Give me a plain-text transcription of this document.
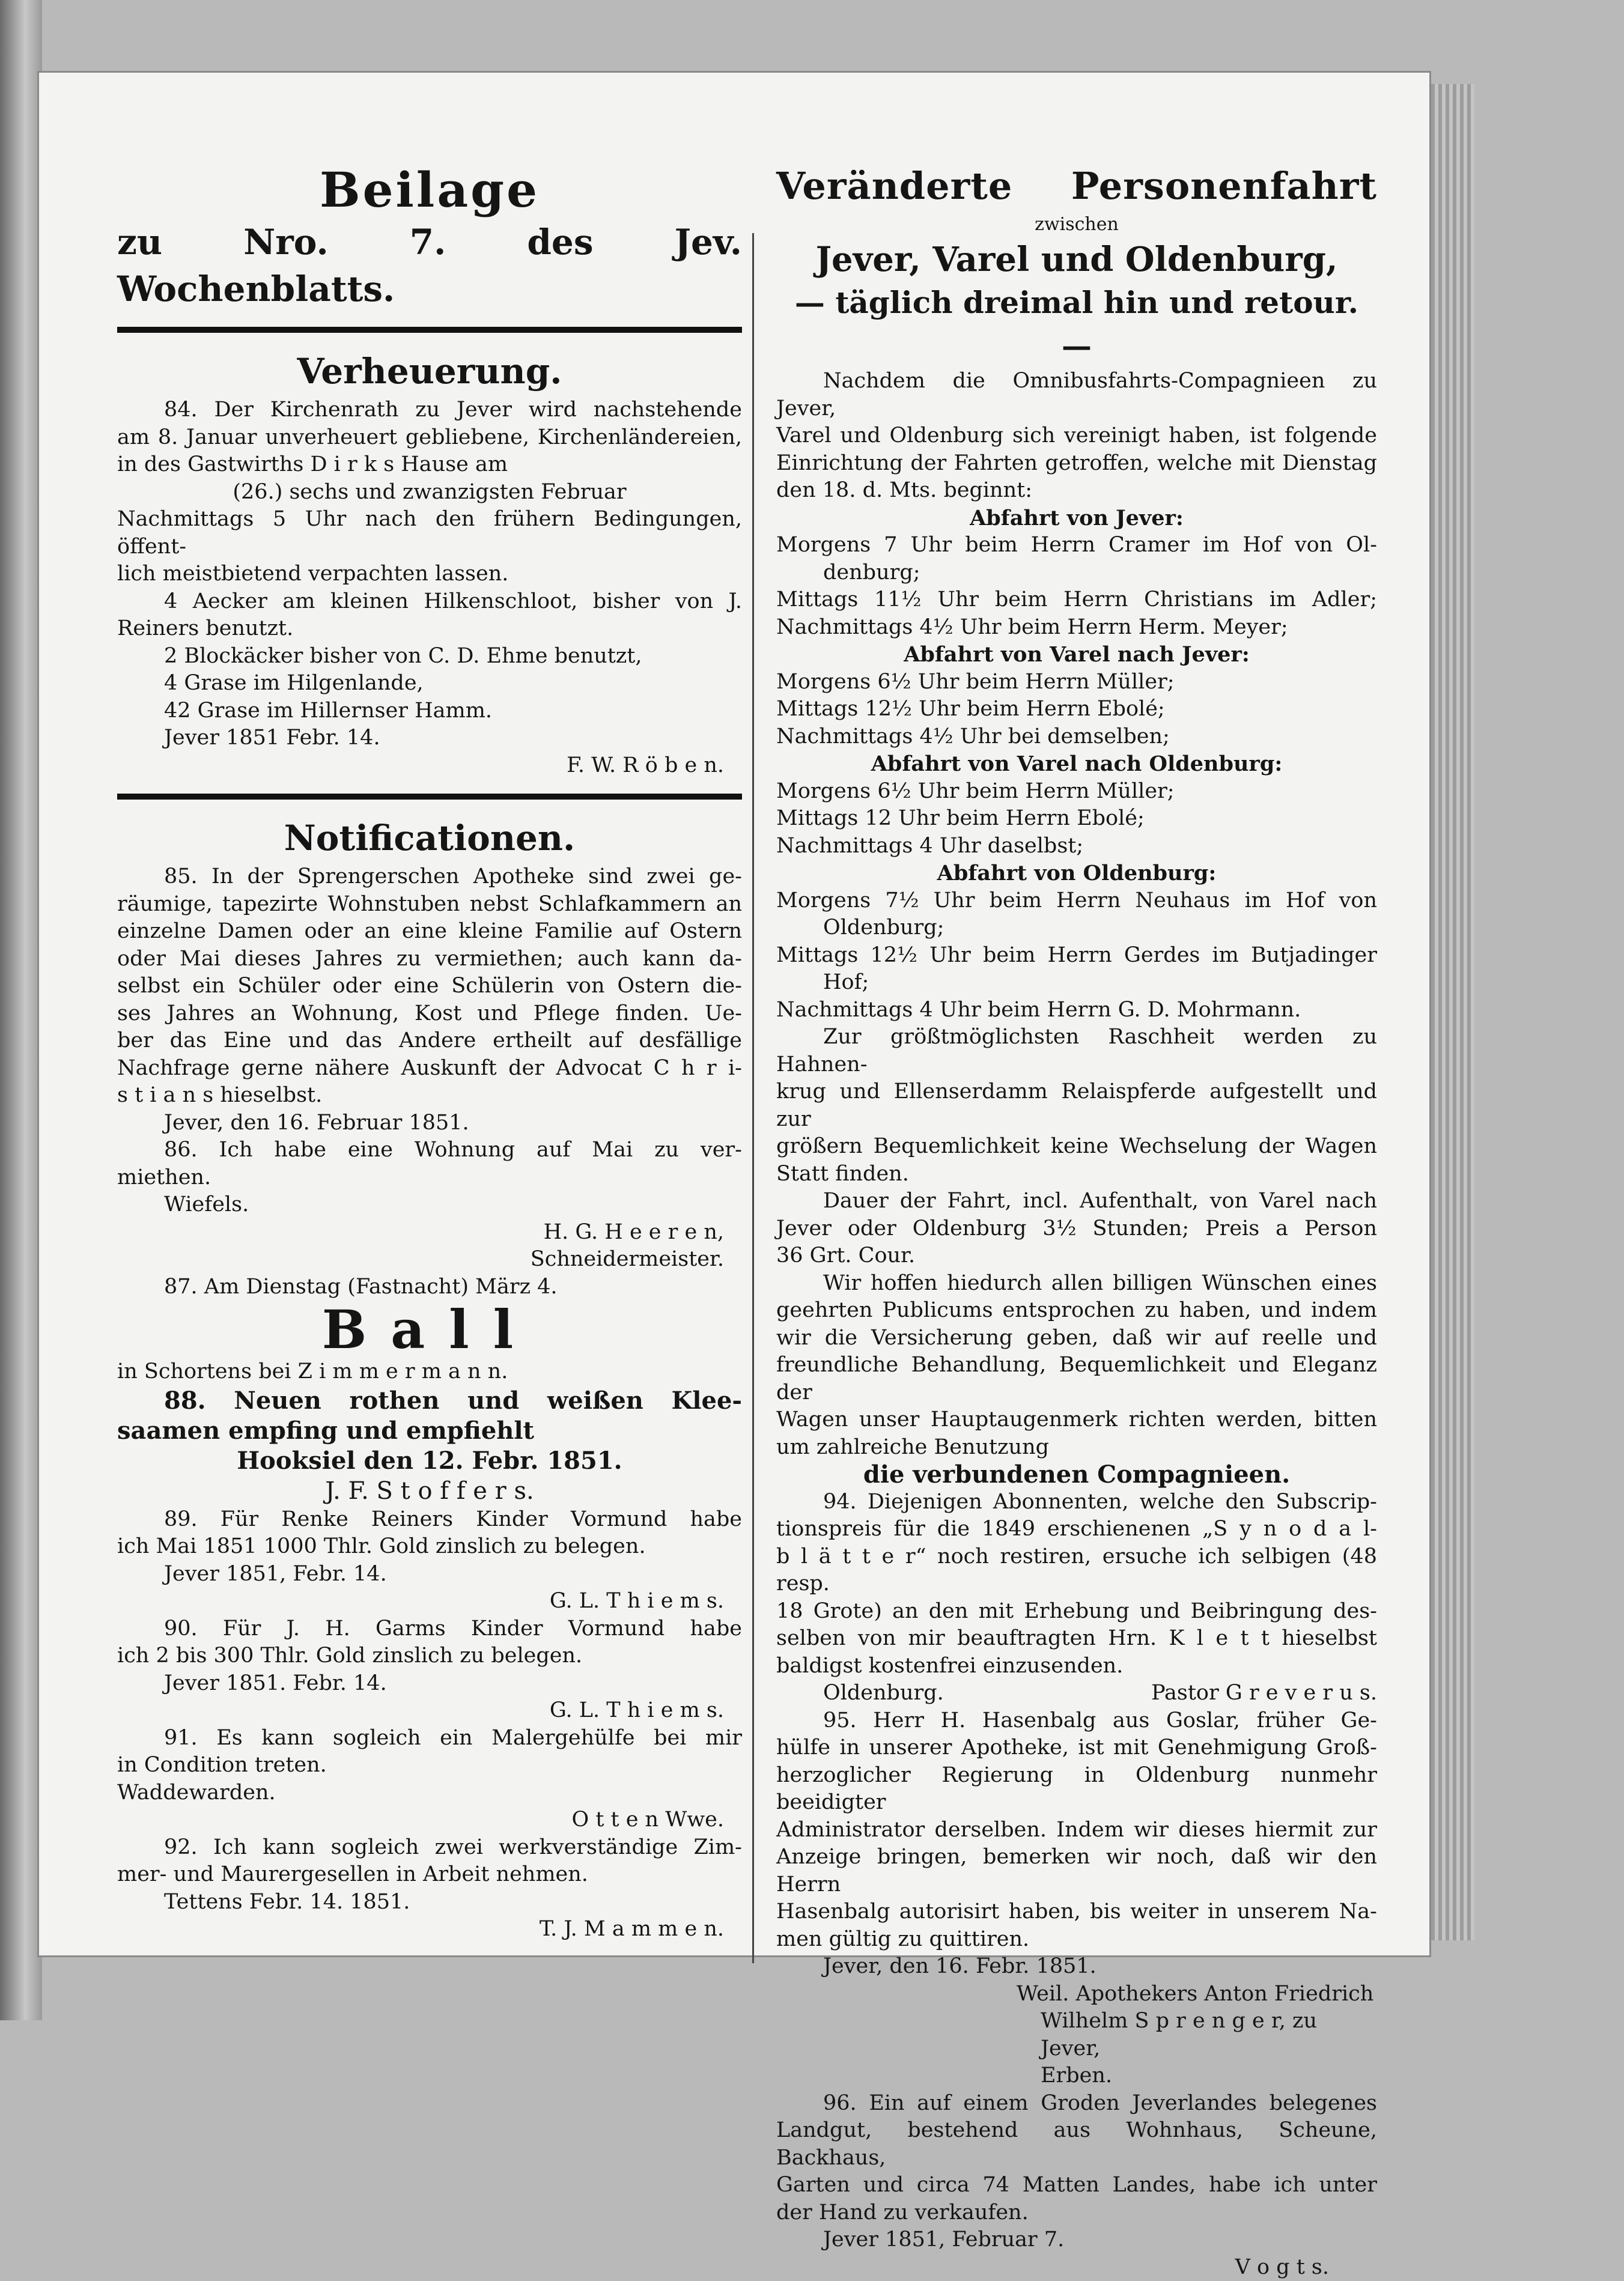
Beilage

zu Nro. 7. des Jev. Wochenblatts.

Verheuerung.

84. Der Kirchenrath zu Jever wird nachstehende

am 8. Januar unverheuert gebliebene, Kirchenländereien,

in des Gastwirths D i r k s Hause am

(26.) sechs und zwanzigsten Februar

Nachmittags 5 Uhr nach den frühern Bedingungen, öffent-

lich meistbietend verpachten lassen.

4 Aecker am kleinen Hilkenschloot, bisher von J.

Reiners benutzt.

2 Blockäcker bisher von C. D. Ehme benutzt,

4 Grase im Hilgenlande,

42 Grase im Hillernser Hamm.

Jever 1851 Febr. 14.

F. W. R ö b e n.

Notificationen.

85. In der Sprengerschen Apotheke sind zwei ge-

räumige, tapezirte Wohnstuben nebst Schlafkammern an

einzelne Damen oder an eine kleine Familie auf Ostern

oder Mai dieses Jahres zu vermiethen; auch kann da-

selbst ein Schüler oder eine Schülerin von Ostern die-

ses Jahres an Wohnung, Kost und Pflege finden. Ue-

ber das Eine und das Andere ertheilt auf desfällige

Nachfrage gerne nähere Auskunft der Advocat C h r i-

s t i a n s hieselbst.

Jever, den 16. Februar 1851.

86. Ich habe eine Wohnung auf Mai zu ver-

miethen.

Wiefels.

H. G. H e e r e n,

Schneidermeister.

87. Am Dienstag (Fastnacht) März 4.

Ball

in Schortens bei Z i m m e r m a n n.

88. Neuen rothen und weißen Klee-

saamen empfing und empfiehlt

Hooksiel den 12. Febr. 1851.

J. F. S t o f f e r s.

89. Für Renke Reiners Kinder Vormund habe

ich Mai 1851 1000 Thlr. Gold zinslich zu belegen.

Jever 1851, Febr. 14.

G. L. T h i e m s.

90. Für J. H. Garms Kinder Vormund habe

ich 2 bis 300 Thlr. Gold zinslich zu belegen.

Jever 1851. Febr. 14.

G. L. T h i e m s.

91. Es kann sogleich ein Malergehülfe bei mir

in Condition treten.

Waddewarden.

O t t e n Wwe.

92. Ich kann sogleich zwei werkverständige Zim-

mer- und Maurergesellen in Arbeit nehmen.

Tettens Febr. 14. 1851.

T. J. M a m m e n.

Veränderte Personenfahrt

zwischen

Jever, Varel und Oldenburg,

— täglich dreimal hin und retour. —

Nachdem die Omnibusfahrts-Compagnieen zu Jever,

Varel und Oldenburg sich vereinigt haben, ist folgende

Einrichtung der Fahrten getroffen, welche mit Dienstag

den 18. d. Mts. beginnt:

Abfahrt von Jever:

Morgens 7 Uhr beim Herrn Cramer im Hof von Ol-

denburg;

Mittags 11½ Uhr beim Herrn Christians im Adler;

Nachmittags 4½ Uhr beim Herrn Herm. Meyer;

Abfahrt von Varel nach Jever:

Morgens 6½ Uhr beim Herrn Müller;

Mittags 12½ Uhr beim Herrn Ebolé;

Nachmittags 4½ Uhr bei demselben;

Abfahrt von Varel nach Oldenburg:

Morgens 6½ Uhr beim Herrn Müller;

Mittags 12 Uhr beim Herrn Ebolé;

Nachmittags 4 Uhr daselbst;

Abfahrt von Oldenburg:

Morgens 7½ Uhr beim Herrn Neuhaus im Hof von

Oldenburg;

Mittags 12½ Uhr beim Herrn Gerdes im Butjadinger

Hof;

Nachmittags 4 Uhr beim Herrn G. D. Mohrmann.

Zur größtmöglichsten Raschheit werden zu Hahnen-

krug und Ellenserdamm Relaispferde aufgestellt und zur

größern Bequemlichkeit keine Wechselung der Wagen

Statt finden.

Dauer der Fahrt, incl. Aufenthalt, von Varel nach

Jever oder Oldenburg 3½ Stunden; Preis a Person

36 Grt. Cour.

Wir hoffen hiedurch allen billigen Wünschen eines

geehrten Publicums entsprochen zu haben, und indem

wir die Versicherung geben, daß wir auf reelle und

freundliche Behandlung, Bequemlichkeit und Eleganz der

Wagen unser Hauptaugenmerk richten werden, bitten

um zahlreiche Benutzung

die verbundenen Compagnieen.

94. Diejenigen Abonnenten, welche den Subscrip-

tionspreis für die 1849 erschienenen „S y n o d a l-

b l ä t t e r“ noch restiren, ersuche ich selbigen (48 resp.

18 Grote) an den mit Erhebung und Beibringung des-

selben von mir beauftragten Hrn. K l e t t hieselbst

baldigst kostenfrei einzusenden.

Oldenburg.	Pastor G r e v e r u s.

95. Herr H. Hasenbalg aus Goslar, früher Ge-

hülfe in unserer Apotheke, ist mit Genehmigung Groß-

herzoglicher Regierung in Oldenburg nunmehr beeidigter

Administrator derselben. Indem wir dieses hiermit zur

Anzeige bringen, bemerken wir noch, daß wir den Herrn

Hasenbalg autorisirt haben, bis weiter in unserem Na-

men gültig zu quittiren.

Jever, den 16. Febr. 1851.

Weil. Apothekers Anton Friedrich

Wilhelm S p r e n g e r, zu Jever,

Erben.

96. Ein auf einem Groden Jeverlandes belegenes

Landgut, bestehend aus Wohnhaus, Scheune, Backhaus,

Garten und circa 74 Matten Landes, habe ich unter

der Hand zu verkaufen.

Jever 1851, Februar 7.

V o g t s.
